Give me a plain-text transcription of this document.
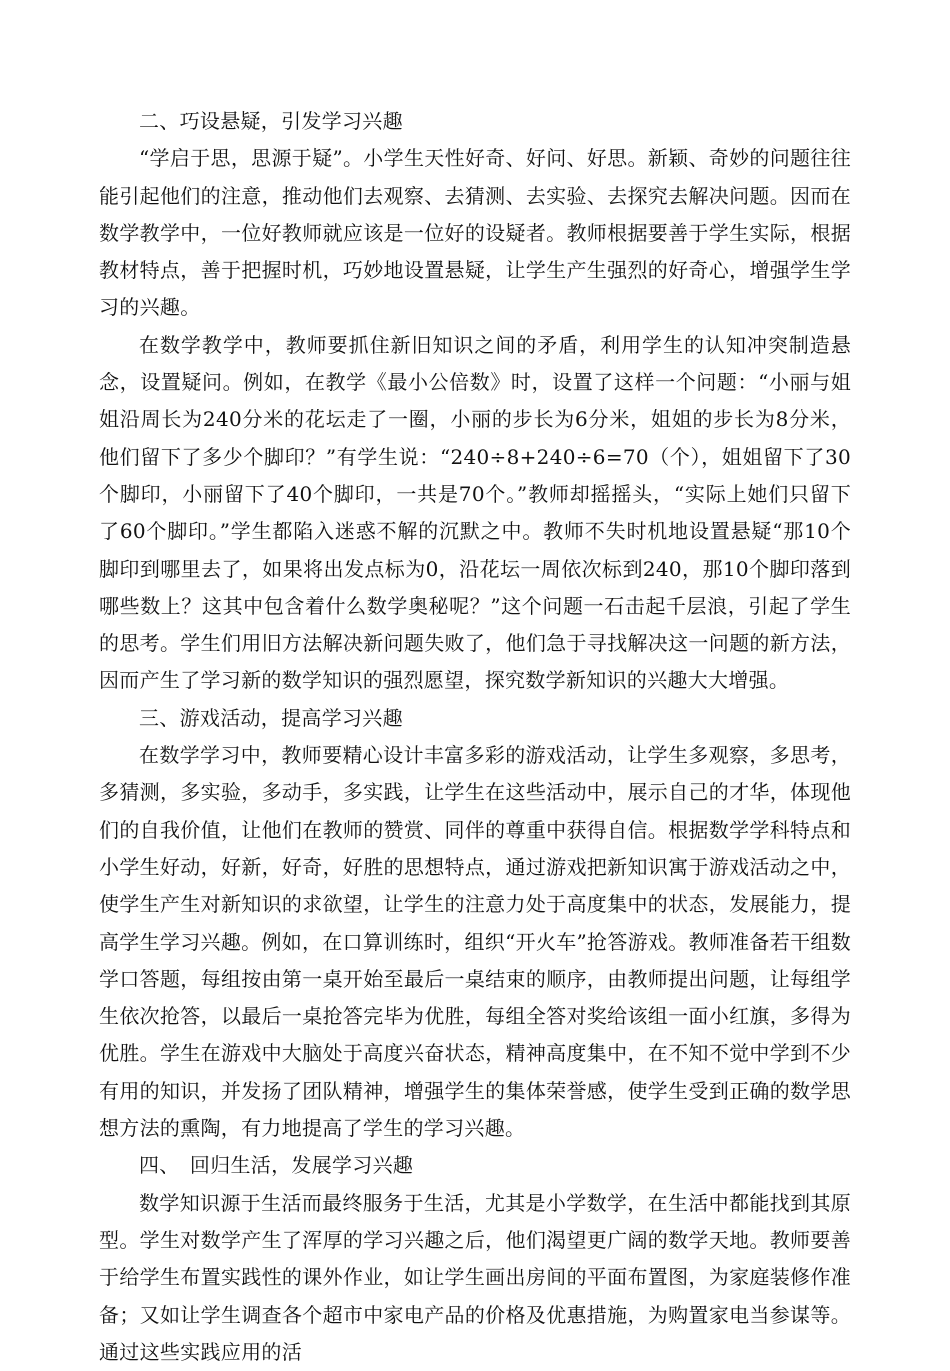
二、巧设悬疑，引发学习兴趣

“学启于思，思源于疑”。小学生天性好奇、好问、好思。新颖、奇妙的问题往往能引起他们的注意，推动他们去观察、去猜测、去实验、去探究去解决问题。因而在数学教学中，一位好教师就应该是一位好的设疑者。教师根据要善于学生实际，根据教材特点，善于把握时机，巧妙地设置悬疑，让学生产生强烈的好奇心，增强学生学习的兴趣。

在数学教学中，教师要抓住新旧知识之间的矛盾，利用学生的认知冲突制造悬念，设置疑问。例如，在教学《最小公倍数》时，设置了这样一个问题：“小丽与姐姐沿周长为240分米的花坛走了一圈，小丽的步长为6分米，姐姐的步长为8分米，他们留下了多少个脚印？”有学生说：“240÷8+240÷6=70（个），姐姐留下了30个脚印，小丽留下了40个脚印，一共是70个。”教师却摇摇头，“实际上她们只留下了60个脚印。”学生都陷入迷惑不解的沉默之中。教师不失时机地设置悬疑“那10个脚印到哪里去了，如果将出发点标为0，沿花坛一周依次标到240，那10个脚印落到哪些数上？这其中包含着什么数学奥秘呢？”这个问题一石击起千层浪，引起了学生的思考。学生们用旧方法解决新问题失败了，他们急于寻找解决这一问题的新方法，因而产生了学习新的数学知识的强烈愿望，探究数学新知识的兴趣大大增强。

三、游戏活动，提高学习兴趣

在数学学习中，教师要精心设计丰富多彩的游戏活动，让学生多观察，多思考，多猜测，多实验，多动手，多实践，让学生在这些活动中，展示自己的才华，体现他们的自我价值，让他们在教师的赞赏、同伴的尊重中获得自信。根据数学学科特点和小学生好动，好新，好奇，好胜的思想特点，通过游戏把新知识寓于游戏活动之中，使学生产生对新知识的求欲望，让学生的注意力处于高度集中的状态，发展能力，提高学生学习兴趣。例如，在口算训练时，组织“开火车”抢答游戏。教师准备若干组数学口答题，每组按由第一桌开始至最后一桌结束的顺序，由教师提出问题，让每组学生依次抢答，以最后一桌抢答完毕为优胜，每组全答对奖给该组一面小红旗，多得为优胜。学生在游戏中大脑处于高度兴奋状态，精神高度集中，在不知不觉中学到不少有用的知识，并发扬了团队精神，增强学生的集体荣誉感，使学生受到正确的数学思想方法的熏陶，有力地提高了学生的学习兴趣。

四、　回归生活，发展学习兴趣

数学知识源于生活而最终服务于生活，尤其是小学数学，在生活中都能找到其原型。学生对数学产生了浑厚的学习兴趣之后，他们渴望更广阔的数学天地。教师要善于给学生布置实践性的课外作业，如让学生画出房间的平面布置图，为家庭装修作准备；又如让学生调查各个超市中家电产品的价格及优惠措施，为购置家电当参谋等。通过这些实践应用的活
